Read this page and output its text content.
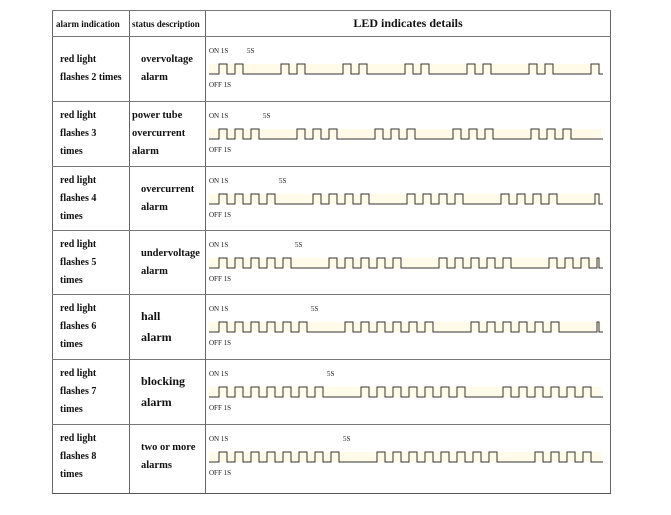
alarm indication	status description	LED indicates details
red light
flashes 2 times
overvoltage
alarm
ON 1S
OFF 1S
5S
red light
flashes 3
times
power tube
overcurrent
alarm
ON 1S
OFF 1S
5S
red light
flashes 4
times
overcurrent
alarm
ON 1S
OFF 1S
5S
red light
flashes 5
times
undervoltage
alarm
ON 1S
OFF 1S
5S
red light
flashes 6
times
hall
alarm
ON 1S
OFF 1S
5S
red light
flashes 7
times
blocking
alarm
ON 1S
OFF 1S
5S
red light
flashes 8
times
two or more
alarms
ON 1S
OFF 1S
5S
